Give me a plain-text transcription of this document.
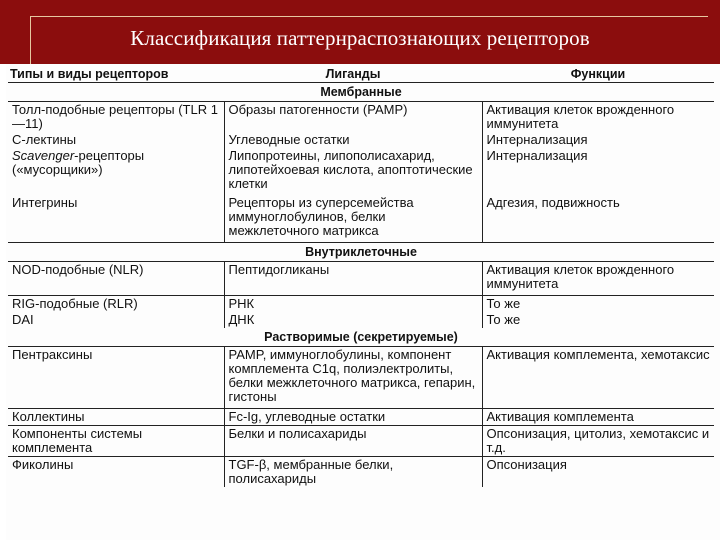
Классификация паттернраспознающих рецепторов
Типы и виды рецепторов	Лиганды	Функции
Мембранные		
Толл-подобные рецепторы (TLR 1—11)	Образы патогенности (PAMP)	Активация клеток врожденного иммунитета
С-лектины	Углеводные остатки	Интернализация
Scavenger-рецепторы («мусорщики»)	Липопротеины, липополисахарид, липотейхоевая кислота, апоптотические клетки	Интернализация
Интегрины	Рецепторы из суперсемейства иммуноглобулинов, белки межклеточного матрикса	Адгезия, подвижность
Внутриклеточные		
NOD-подобные (NLR)	Пептидогликаны	Активация клеток врожденного иммунитета
RIG-подобные (RLR)	РНК	То же
DAI	ДНК	То же
Растворимые (секретируемые)		
Пентраксины	PAMP, иммуноглобулины, компонент комплемента C1q, полиэлектролиты, белки межклеточного матрикса, гепарин, гистоны	Активация комплемента, хемотаксис
Коллектины	Fc-Ig, углеводные остатки	Активация комплемента
Компоненты системы комплемента	Белки и полисахариды	Опсонизация, цитолиз, хемотаксис и т.д.
Фиколины	TGF-β, мембранные белки, полисахариды	Опсонизация
